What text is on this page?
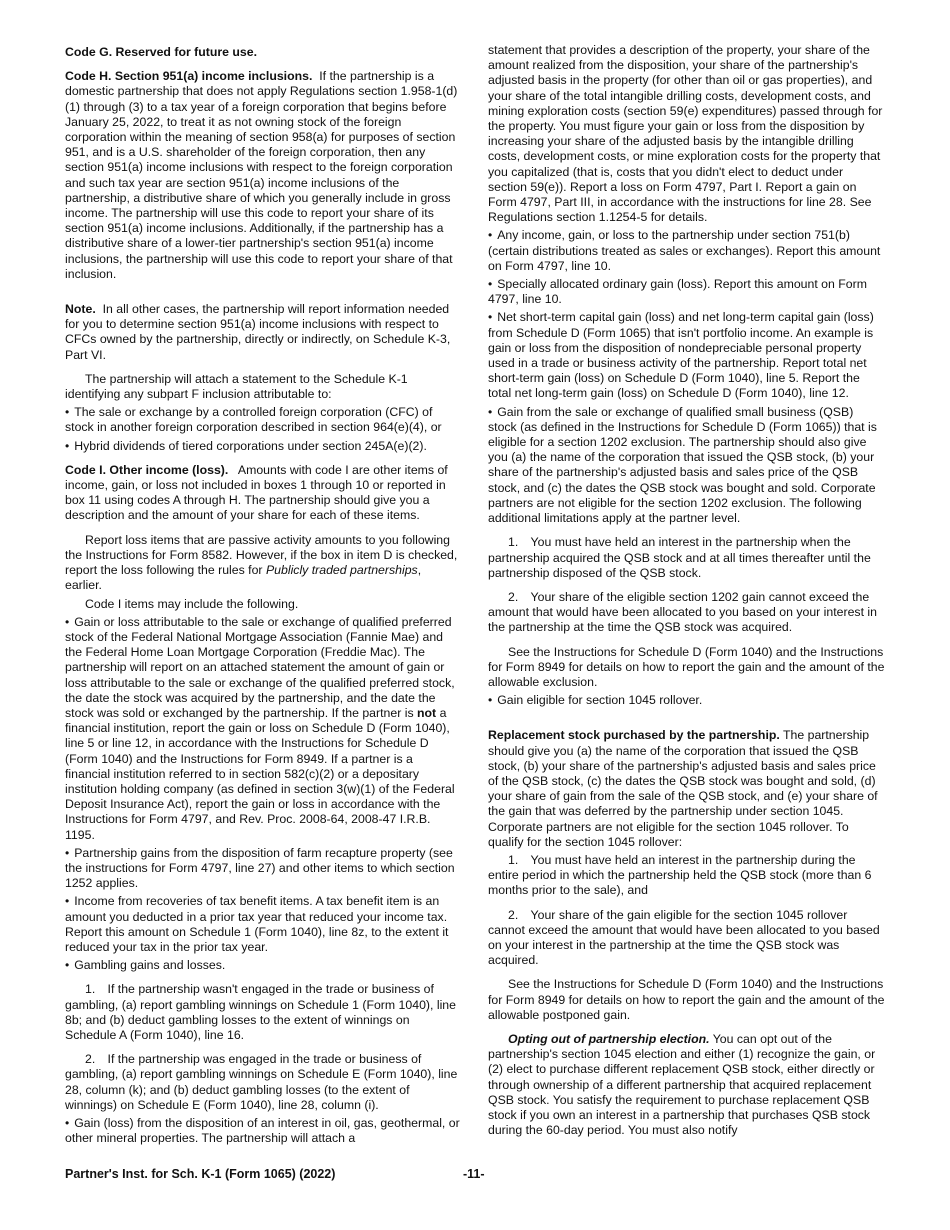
Code G. Reserved for future use.

Code H. Section 951(a) income inclusions. If the partnership is a domestic partnership that does not apply Regulations section 1.958-1(d)(1) through (3) to a tax year of a foreign corporation that begins before January 25, 2022, to treat it as not owning stock of the foreign corporation within the meaning of section 958(a) for purposes of section 951, and is a U.S. shareholder of the foreign corporation, then any section 951(a) income inclusions with respect to the foreign corporation and such tax year are section 951(a) income inclusions of the partnership, a distributive share of which you generally include in gross income. The partnership will use this code to report your share of its section 951(a) income inclusions. Additionally, if the partnership has a distributive share of a lower-tier partnership's section 951(a) income inclusions, the partnership will use this code to report your share of that inclusion.

Note. In all other cases, the partnership will report information needed for you to determine section 951(a) income inclusions with respect to CFCs owned by the partnership, directly or indirectly, on Schedule K-3, Part VI.

The partnership will attach a statement to the Schedule K-1 identifying any subpart F inclusion attributable to:

• The sale or exchange by a controlled foreign corporation (CFC) of stock in another foreign corporation described in section 964(e)(4), or

• Hybrid dividends of tiered corporations under section 245A(e)(2).

Code I. Other income (loss). Amounts with code I are other items of income, gain, or loss not included in boxes 1 through 10 or reported in box 11 using codes A through H. The partnership should give you a description and the amount of your share for each of these items.

Report loss items that are passive activity amounts to you following the Instructions for Form 8582. However, if the box in item D is checked, report the loss following the rules for Publicly traded partnerships, earlier.

Code I items may include the following.

• Gain or loss attributable to the sale or exchange of qualified preferred stock of the Federal National Mortgage Association (Fannie Mae) and the Federal Home Loan Mortgage Corporation (Freddie Mac). The partnership will report on an attached statement the amount of gain or loss attributable to the sale or exchange of the qualified preferred stock, the date the stock was acquired by the partnership, and the date the stock was sold or exchanged by the partnership. If the partner is not a financial institution, report the gain or loss on Schedule D (Form 1040), line 5 or line 12, in accordance with the Instructions for Schedule D (Form 1040) and the Instructions for Form 8949. If a partner is a financial institution referred to in section 582(c)(2) or a depositary institution holding company (as defined in section 3(w)(1) of the Federal Deposit Insurance Act), report the gain or loss in accordance with the Instructions for Form 4797, and Rev. Proc. 2008-64, 2008-47 I.R.B. 1195.

• Partnership gains from the disposition of farm recapture property (see the instructions for Form 4797, line 27) and other items to which section 1252 applies.

• Income from recoveries of tax benefit items. A tax benefit item is an amount you deducted in a prior tax year that reduced your income tax. Report this amount on Schedule 1 (Form 1040), line 8z, to the extent it reduced your tax in the prior tax year.

• Gambling gains and losses.

1. If the partnership wasn't engaged in the trade or business of gambling, (a) report gambling winnings on Schedule 1 (Form 1040), line 8b; and (b) deduct gambling losses to the extent of winnings on Schedule A (Form 1040), line 16.

2. If the partnership was engaged in the trade or business of gambling, (a) report gambling winnings on Schedule E (Form 1040), line 28, column (k); and (b) deduct gambling losses (to the extent of winnings) on Schedule E (Form 1040), line 28, column (i).

• Gain (loss) from the disposition of an interest in oil, gas, geothermal, or other mineral properties. The partnership will attach a

statement that provides a description of the property, your share of the amount realized from the disposition, your share of the partnership's adjusted basis in the property (for other than oil or gas properties), and your share of the total intangible drilling costs, development costs, and mining exploration costs (section 59(e) expenditures) passed through for the property. You must figure your gain or loss from the disposition by increasing your share of the adjusted basis by the intangible drilling costs, development costs, or mine exploration costs for the property that you capitalized (that is, costs that you didn't elect to deduct under section 59(e)). Report a loss on Form 4797, Part I. Report a gain on Form 4797, Part III, in accordance with the instructions for line 28. See Regulations section 1.1254-5 for details.

• Any income, gain, or loss to the partnership under section 751(b) (certain distributions treated as sales or exchanges). Report this amount on Form 4797, line 10.

• Specially allocated ordinary gain (loss). Report this amount on Form 4797, line 10.

• Net short-term capital gain (loss) and net long-term capital gain (loss) from Schedule D (Form 1065) that isn't portfolio income. An example is gain or loss from the disposition of nondepreciable personal property used in a trade or business activity of the partnership. Report total net short-term gain (loss) on Schedule D (Form 1040), line 5. Report the total net long-term gain (loss) on Schedule D (Form 1040), line 12.

• Gain from the sale or exchange of qualified small business (QSB) stock (as defined in the Instructions for Schedule D (Form 1065)) that is eligible for a section 1202 exclusion. The partnership should also give you (a) the name of the corporation that issued the QSB stock, (b) your share of the partnership's adjusted basis and sales price of the QSB stock, and (c) the dates the QSB stock was bought and sold. Corporate partners are not eligible for the section 1202 exclusion. The following additional limitations apply at the partner level.

1. You must have held an interest in the partnership when the partnership acquired the QSB stock and at all times thereafter until the partnership disposed of the QSB stock.

2. Your share of the eligible section 1202 gain cannot exceed the amount that would have been allocated to you based on your interest in the partnership at the time the QSB stock was acquired.

See the Instructions for Schedule D (Form 1040) and the Instructions for Form 8949 for details on how to report the gain and the amount of the allowable exclusion.

• Gain eligible for section 1045 rollover.

Replacement stock purchased by the partnership. The partnership should give you (a) the name of the corporation that issued the QSB stock, (b) your share of the partnership's adjusted basis and sales price of the QSB stock, (c) the dates the QSB stock was bought and sold, (d) your share of gain from the sale of the QSB stock, and (e) your share of the gain that was deferred by the partnership under section 1045. Corporate partners are not eligible for the section 1045 rollover. To qualify for the section 1045 rollover:

1. You must have held an interest in the partnership during the entire period in which the partnership held the QSB stock (more than 6 months prior to the sale), and

2. Your share of the gain eligible for the section 1045 rollover cannot exceed the amount that would have been allocated to you based on your interest in the partnership at the time the QSB stock was acquired.

See the Instructions for Schedule D (Form 1040) and the Instructions for Form 8949 for details on how to report the gain and the amount of the allowable postponed gain.

Opting out of partnership election. You can opt out of the partnership's section 1045 election and either (1) recognize the gain, or (2) elect to purchase different replacement QSB stock, either directly or through ownership of a different partnership that acquired replacement QSB stock. You satisfy the requirement to purchase replacement QSB stock if you own an interest in a partnership that purchases QSB stock during the 60-day period. You must also notify

Partner's Inst. for Sch. K-1 (Form 1065) (2022)	-11-
